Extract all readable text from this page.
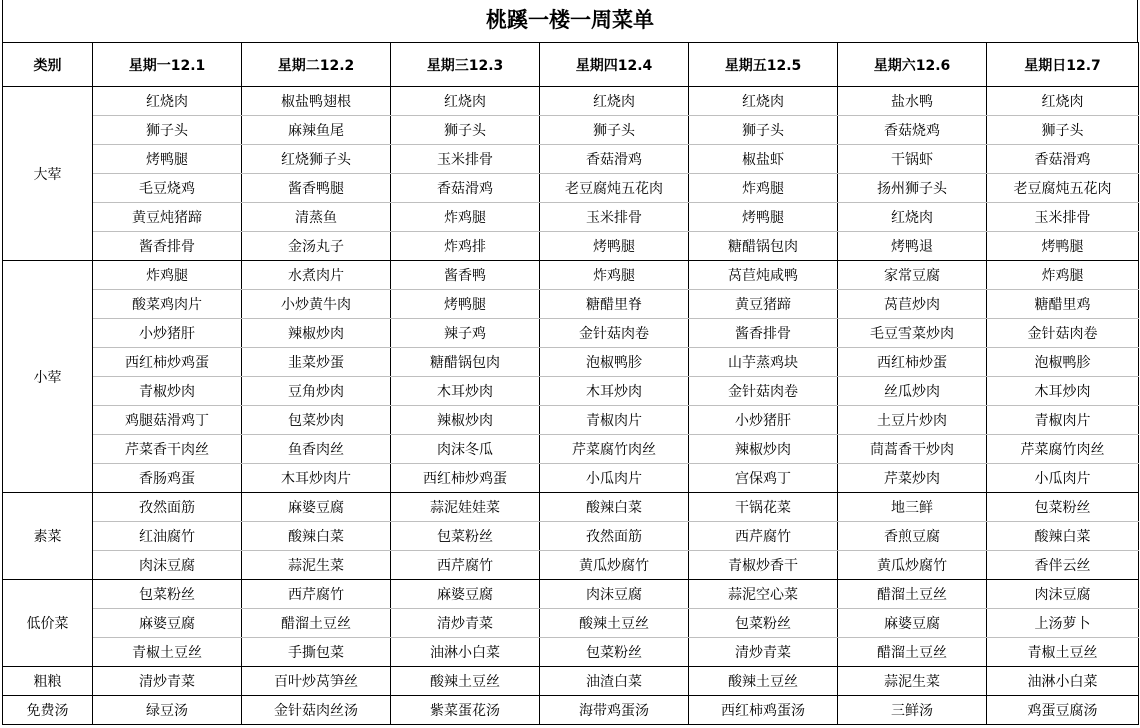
桃蹊一楼一周菜单
类别	星期一12.1	星期二12.2	星期三12.3	星期四12.4	星期五12.5	星期六12.6	星期日12.7
大荤	红烧肉	椒盐鸭翅根	红烧肉	红烧肉	红烧肉	盐水鸭	红烧肉
	狮子头	麻辣鱼尾	狮子头	狮子头	狮子头	香菇烧鸡	狮子头
	烤鸭腿	红烧狮子头	玉米排骨	香菇滑鸡	椒盐虾	干锅虾	香菇滑鸡
	毛豆烧鸡	酱香鸭腿	香菇滑鸡	老豆腐炖五花肉	炸鸡腿	扬州狮子头	老豆腐炖五花肉
	黄豆炖猪蹄	清蒸鱼	炸鸡腿	玉米排骨	烤鸭腿	红烧肉	玉米排骨
	酱香排骨	金汤丸子	炸鸡排	烤鸭腿	糖醋锅包肉	烤鸭退	烤鸭腿
小荤	炸鸡腿	水煮肉片	酱香鸭	炸鸡腿	莴苣炖咸鸭	家常豆腐	炸鸡腿
	酸菜鸡肉片	小炒黄牛肉	烤鸭腿	糖醋里脊	黄豆猪蹄	莴苣炒肉	糖醋里鸡
	小炒猪肝	辣椒炒肉	辣子鸡	金针菇肉卷	酱香排骨	毛豆雪菜炒肉	金针菇肉卷
	西红柿炒鸡蛋	韭菜炒蛋	糖醋锅包肉	泡椒鸭胗	山芋蒸鸡块	西红柿炒蛋	泡椒鸭胗
	青椒炒肉	豆角炒肉	木耳炒肉	木耳炒肉	金针菇肉卷	丝瓜炒肉	木耳炒肉
	鸡腿菇滑鸡丁	包菜炒肉	辣椒炒肉	青椒肉片	小炒猪肝	土豆片炒肉	青椒肉片
	芹菜香干肉丝	鱼香肉丝	肉沫冬瓜	芹菜腐竹肉丝	辣椒炒肉	茼蒿香干炒肉	芹菜腐竹肉丝
	香肠鸡蛋	木耳炒肉片	西红柿炒鸡蛋	小瓜肉片	宫保鸡丁	芹菜炒肉	小瓜肉片
素菜	孜然面筋	麻婆豆腐	蒜泥娃娃菜	酸辣白菜	干锅花菜	地三鲜	包菜粉丝
	红油腐竹	酸辣白菜	包菜粉丝	孜然面筋	西芹腐竹	香煎豆腐	酸辣白菜
	肉沫豆腐	蒜泥生菜	西芹腐竹	黄瓜炒腐竹	青椒炒香干	黄瓜炒腐竹	香伴云丝
低价菜	包菜粉丝	西芹腐竹	麻婆豆腐	肉沫豆腐	蒜泥空心菜	醋溜土豆丝	肉沫豆腐
	麻婆豆腐	醋溜土豆丝	清炒青菜	酸辣土豆丝	包菜粉丝	麻婆豆腐	上汤萝卜
	青椒土豆丝	手撕包菜	油淋小白菜	包菜粉丝	清炒青菜	醋溜土豆丝	青椒土豆丝
粗粮	清炒青菜	百叶炒莴笋丝	酸辣土豆丝	油渣白菜	酸辣土豆丝	蒜泥生菜	油淋小白菜
免费汤	绿豆汤	金针菇肉丝汤	紫菜蛋花汤	海带鸡蛋汤	西红柿鸡蛋汤	三鲜汤	鸡蛋豆腐汤
